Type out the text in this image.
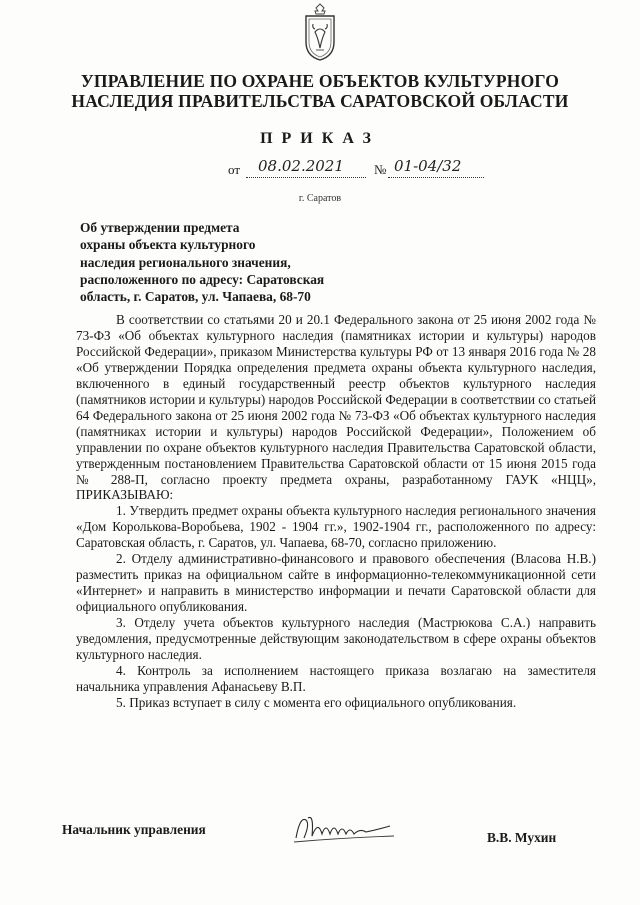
УПРАВЛЕНИЕ ПО ОХРАНЕ ОБЪЕКТОВ КУЛЬТУРНОГО
НАСЛЕДИЯ ПРАВИТЕЛЬСТВА САРАТОВСКОЙ ОБЛАСТИ
ПРИКАЗ
от 08.02.2021 № 01-04/32
г. Саратов
Об утверждении предмета
охраны объекта культурного
наследия регионального значения,
расположенного по адресу: Саратовская
область, г. Саратов, ул. Чапаева, 68-70

В соответствии со статьями 20 и 20.1 Федерального закона от 25 июня 2002 года № 73-ФЗ «Об объектах культурного наследия (памятниках истории и культуры) народов Российской Федерации», приказом Министерства культуры РФ от 13 января 2016 года № 28 «Об утверждении Порядка определения предмета охраны объекта культурного наследия, включенного в единый государственный реестр объектов культурного наследия (памятников истории и культуры) народов Российской Федерации в соответствии со статьей 64 Федерального закона от 25 июня 2002 года № 73-ФЗ «Об объектах культурного наследия (памятниках истории и культуры) народов Российской Федерации», Положением об управлении по охране объектов культурного наследия Правительства Саратовской области, утвержденным постановлением Правительства Саратовской области от 15 июня 2015 года № 288-П, согласно проекту предмета охраны, разработанному ГАУК «НЦЦ», ПРИКАЗЫВАЮ:

1. Утвердить предмет охраны объекта культурного наследия регионального значения «Дом Королькова-Воробьева, 1902 - 1904 гг.», 1902-1904 гг., расположенного по адресу: Саратовская область, г. Саратов, ул. Чапаева, 68-70, согласно приложению.

2. Отделу административно-финансового и правового обеспечения (Власова Н.В.) разместить приказ на официальном сайте в информационно-телекоммуникационной сети «Интернет» и направить в министерство информации и печати Саратовской области для официального опубликования.

3. Отделу учета объектов культурного наследия (Мастрюкова С.А.) направить уведомления, предусмотренные действующим законодательством в сфере охраны объектов культурного наследия.

4. Контроль за исполнением настоящего приказа возлагаю на заместителя начальника управления Афанасьеву В.П.

5. Приказ вступает в силу с момента его официального опубликования.

Начальник управления
В.В. Мухин
